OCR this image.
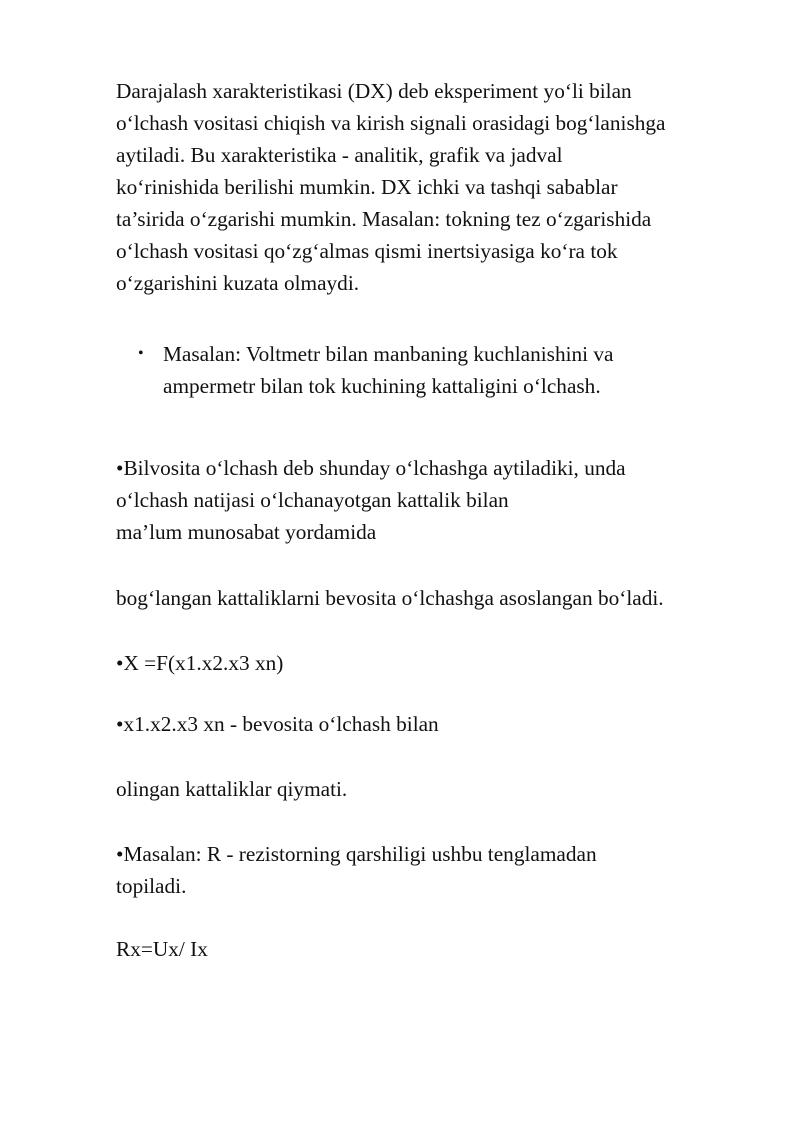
Darajalash xarakteristikasi (DX) deb eksperiment yo‘li bilan
o‘lchash vositasi chiqish va kirish signali orasidagi bog‘lanishga
aytiladi. Bu xarakteristika - analitik, grafik va jadval
ko‘rinishida berilishi mumkin. DX ichki va tashqi sabablar
ta’sirida o‘zgarishi mumkin. Masalan: tokning tez o‘zgarishida
o‘lchash vositasi qo‘zg‘almas qismi inertsiyasiga ko‘ra tok
o‘zgarishini kuzata olmaydi.

• Masalan: Voltmetr bilan manbaning kuchlanishini va
ampermetr bilan tok kuchining kattaligini o‘lchash.

•Bilvosita o‘lchash deb shunday o‘lchashga aytiladiki, unda
o‘lchash natijasi o‘lchanayotgan kattalik bilan
ma’lum munosabat yordamida

bog‘langan kattaliklarni bevosita o‘lchashga asoslangan bo‘ladi.

•X =F(x1.x2.x3 xn)

•x1.x2.x3 xn - bevosita o‘lchash bilan

olingan kattaliklar qiymati.

•Masalan: R - rezistorning qarshiligi ushbu tenglamadan
topiladi.

Rx=Ux/ Ix
